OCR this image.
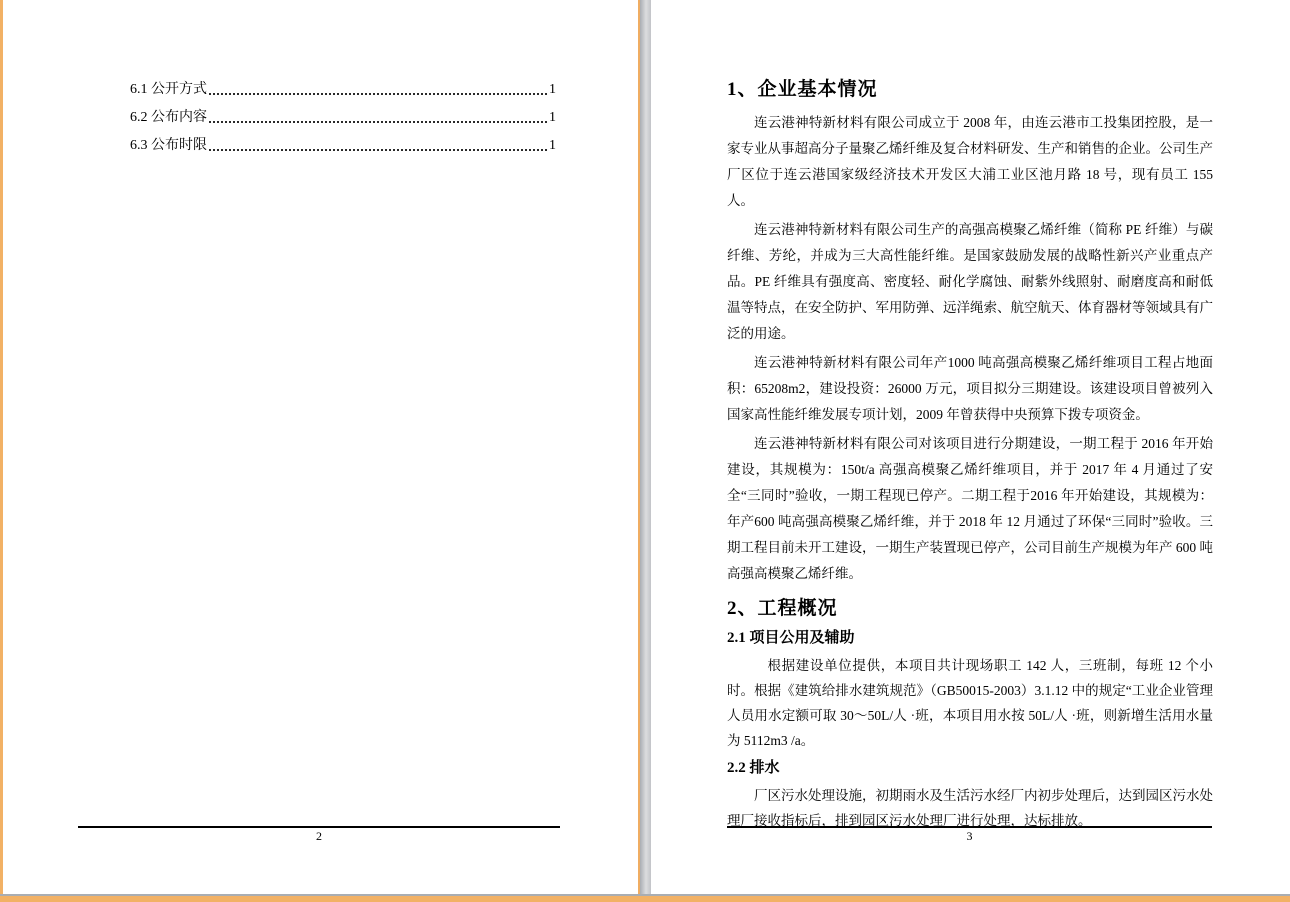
6.1 公开方式	1
6.2 公布内容	1
6.3 公布时限	1
2
1、企业基本情况

连云港神特新材料有限公司成立于 2008 年，由连云港市工投集团控股，是一家专业从事超高分子量聚乙烯纤维及复合材料研发、生产和销售的企业。公司生产厂区位于连云港国家级经济技术开发区大浦工业区池月路 18 号，现有员工 155 人。

连云港神特新材料有限公司生产的高强高模聚乙烯纤维（简称 PE 纤维）与碳纤维、芳纶，并成为三大高性能纤维。是国家鼓励发展的战略性新兴产业重点产品。PE 纤维具有强度高、密度轻、耐化学腐蚀、耐紫外线照射、耐磨度高和耐低温等特点，在安全防护、军用防弹、远洋绳索、航空航天、体育器材等领域具有广泛的用途。

连云港神特新材料有限公司年产1000 吨高强高模聚乙烯纤维项目工程占地面积：65208m2，建设投资：26000 万元，项目拟分三期建设。该建设项目曾被列入国家高性能纤维发展专项计划，2009 年曾获得中央预算下拨专项资金。

连云港神特新材料有限公司对该项目进行分期建设，一期工程于 2016 年开始建设，其规模为：150t/a 高强高模聚乙烯纤维项目，并于 2017 年 4 月通过了安全“三同时”验收，一期工程现已停产。二期工程于2016 年开始建设，其规模为：年产600 吨高强高模聚乙烯纤维，并于 2018 年 12 月通过了环保“三同时”验收。三期工程目前未开工建设，一期生产装置现已停产，公司目前生产规模为年产 600 吨高强高模聚乙烯纤维。

2、工程概况
2.1 项目公用及辅助

根据建设单位提供，本项目共计现场职工 142 人，三班制，每班 12 个小时。根据《建筑给排水建筑规范》（GB50015-2003）3.1.12 中的规定“工业企业管理人员用水定额可取 30～50L/人 ·班，本项目用水按 50L/人 ·班，则新增生活用水量为 5112m3 /a。

2.2 排水

厂区污水处理设施，初期雨水及生活污水经厂内初步处理后，达到园区污水处理厂接收指标后，排到园区污水处理厂进行处理，达标排放。

3
